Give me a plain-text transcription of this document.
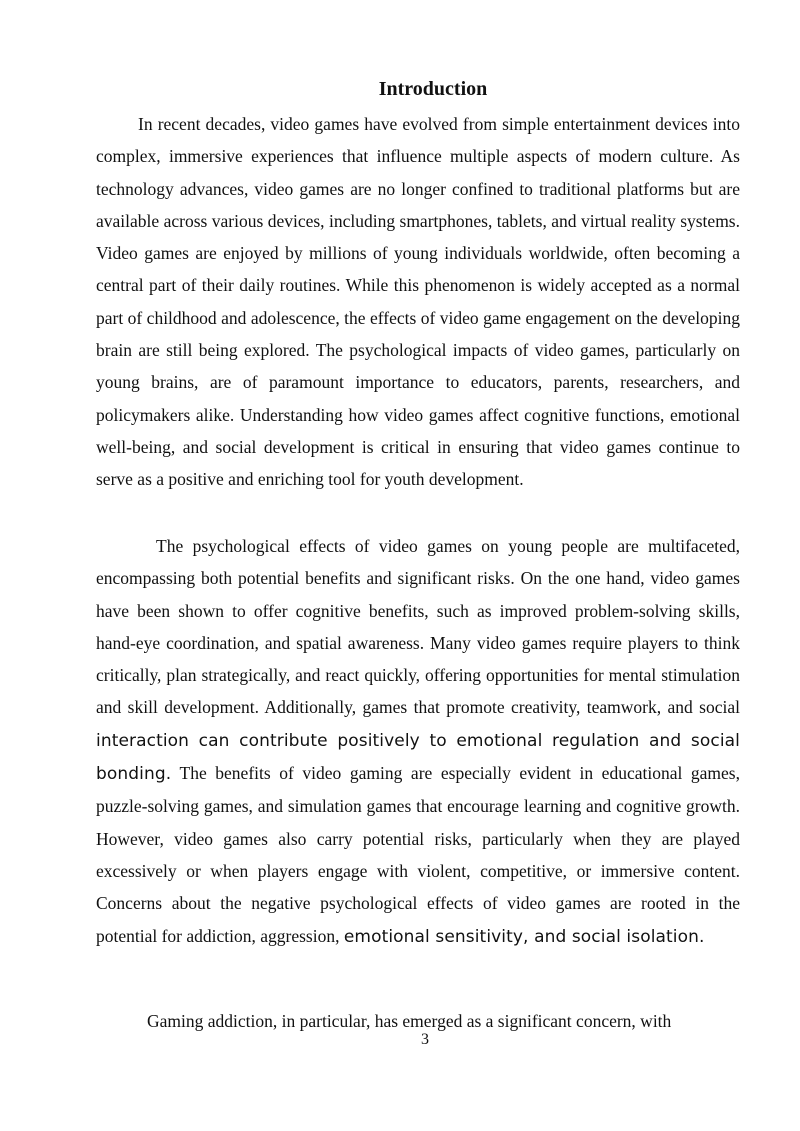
Introduction

In recent decades, video games have evolved from simple entertainment devices into complex, immersive experiences that influence multiple aspects of modern culture. As technology advances, video games are no longer confined to traditional platforms but are available across various devices, including smartphones, tablets, and virtual reality systems. Video games are enjoyed by millions of young individuals worldwide, often becoming a central part of their daily routines. While this phenomenon is widely accepted as a normal part of childhood and adolescence, the effects of video game engagement on the developing brain are still being explored. The psychological impacts of video games, particularly on young brains, are of paramount importance to educators, parents, researchers, and policymakers alike. Understanding how video games affect cognitive functions, emotional well-being, and social development is critical in ensuring that video games continue to serve as a positive and enriching tool for youth development.

The psychological effects of video games on young people are multifaceted, encompassing both potential benefits and significant risks. On the one hand, video games have been shown to offer cognitive benefits, such as improved problem-solving skills, hand-eye coordination, and spatial awareness. Many video games require players to think critically, plan strategically, and react quickly, offering opportunities for mental stimulation and skill development. Additionally, games that promote creativity, teamwork, and social interaction can contribute positively to emotional regulation and social bonding. The benefits of video gaming are especially evident in educational games, puzzle-solving games, and simulation games that encourage learning and cognitive growth. However, video games also carry potential risks, particularly when they are played excessively or when players engage with violent, competitive, or immersive content. Concerns about the negative psychological effects of video games are rooted in the potential for addiction, aggression, emotional sensitivity, and social isolation.

Gaming addiction, in particular, has emerged as a significant concern, with

3
